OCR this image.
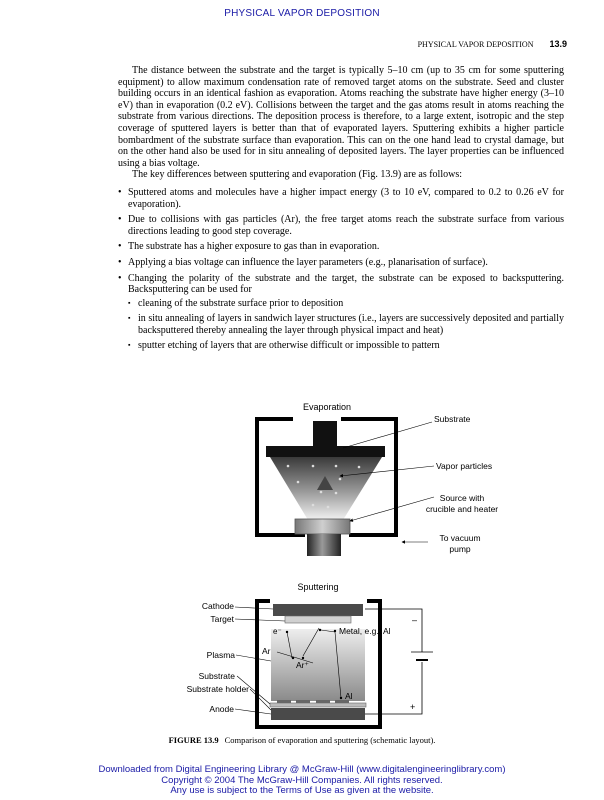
PHYSICAL VAPOR DEPOSITION
PHYSICAL VAPOR DEPOSITION 13.9

The distance between the substrate and the target is typically 5–10 cm (up to 35 cm for some sputtering equipment) to allow maximum condensation rate of removed target atoms on the substrate. Seed and cluster building occurs in an identical fashion as evaporation. Atoms reaching the substrate have higher energy (3–10 eV) than in evaporation (0.2 eV). Collisions between the target and the gas atoms result in atoms reaching the substrate from various directions. The deposition process is therefore, to a large extent, isotropic and the step coverage of sputtered layers is better than that of evaporated layers. Sputtering exhibits a higher particle bombardment of the substrate surface than evaporation. This can on the one hand lead to crystal damage, but on the other hand also be used for in situ annealing of deposited layers. The layer properties can be influenced using a bias voltage.

The key differences between sputtering and evaporation (Fig. 13.9) are as follows:

• Sputtered atoms and molecules have a higher impact energy (3 to 10 eV, compared to 0.2 to 0.26 eV for evaporation).
• Due to collisions with gas particles (Ar), the free target atoms reach the substrate surface from various directions leading to good step coverage.
• The substrate has a higher exposure to gas than in evaporation.
• Applying a bias voltage can influence the layer parameters (e.g., planarisation of surface).
• Changing the polarity of the substrate and the target, the substrate can be exposed to backsputtering. Backsputtering can be used for
▪ cleaning of the substrate surface prior to deposition
▪ in situ annealing of layers in sandwich layer structures (i.e., layers are successively deposited and partially backsputtered thereby annealing the layer through physical impact and heat)
▪ sputter etching of layers that are otherwise difficult or impossible to pattern
Evaporation
Substrate
Vapor particles
Source with
crucible and heater
To vacuum
pump
Sputtering
–
+
e⁻	Metal, e.g., Al
Ar
Ar⁺
Al
Cathode
Target
Plasma
Substrate
Substrate holder
Anode
FIGURE 13.9 Comparison of evaporation and sputtering (schematic layout).
Downloaded from Digital Engineering Library @ McGraw-Hill (www.digitalengineeringlibrary.com)
Copyright © 2004 The McGraw-Hill Companies. All rights reserved.
Any use is subject to the Terms of Use as given at the website.
